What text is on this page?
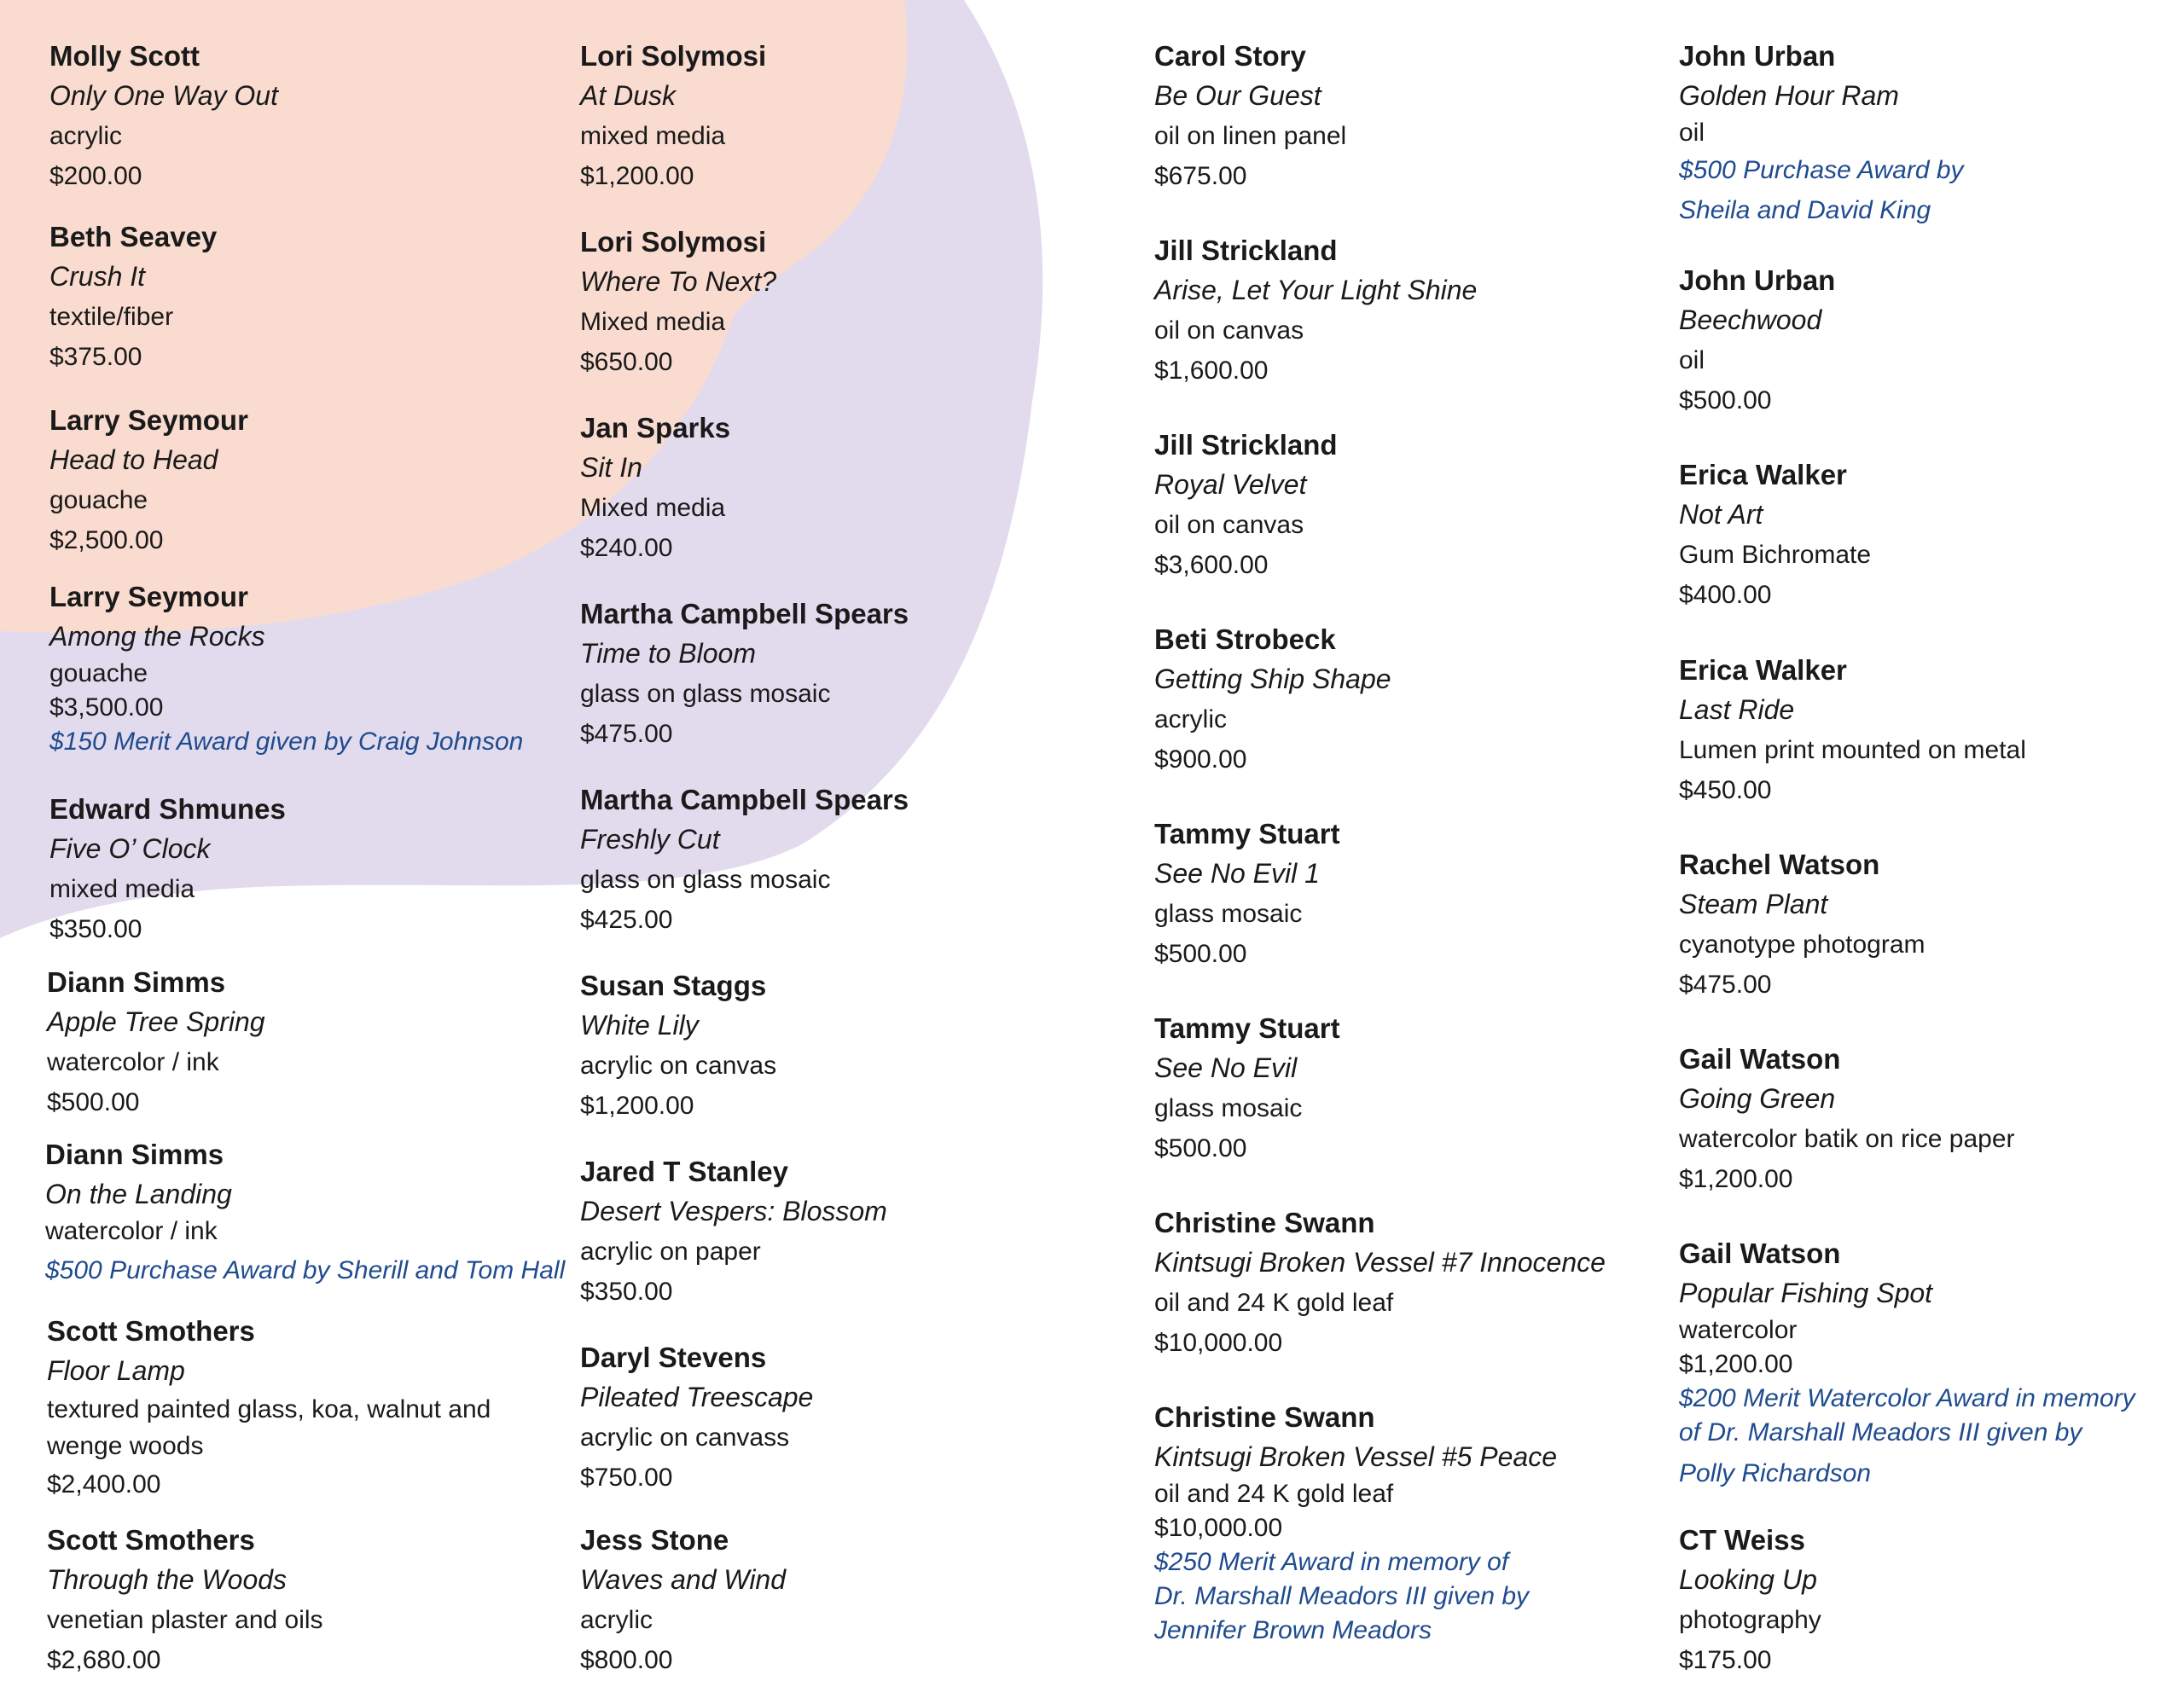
Molly Scott
Only One Way Out
acrylic
$200.00
Beth Seavey
Crush It
textile/fiber
$375.00
Larry Seymour
Head to Head
gouache
$2,500.00
Larry Seymour
Among the Rocks
gouache
$3,500.00
$150 Merit Award given by Craig Johnson
Edward Shmunes
Five O’ Clock
mixed media
$350.00
Diann Simms
Apple Tree Spring
watercolor / ink
$500.00
Diann Simms
On the Landing
watercolor / ink
$500 Purchase Award by Sherill and Tom Hall
Scott Smothers
Floor Lamp
textured painted glass, koa, walnut and
wenge woods
$2,400.00
Scott Smothers
Through the Woods
venetian plaster and oils
$2,680.00
Lori Solymosi
At Dusk
mixed media
$1,200.00
Lori Solymosi
Where To Next?
Mixed media
$650.00
Jan Sparks
Sit In
Mixed media
$240.00
Martha Campbell Spears
Time to Bloom
glass on glass mosaic
$475.00
Martha Campbell Spears
Freshly Cut
glass on glass mosaic
$425.00
Susan Staggs
White Lily
acrylic on canvas
$1,200.00
Jared T Stanley
Desert Vespers: Blossom
acrylic on paper
$350.00
Daryl Stevens
Pileated Treescape
acrylic on canvass
$750.00
Jess Stone
Waves and Wind
acrylic
$800.00
Carol Story
Be Our Guest
oil on linen panel
$675.00
Jill Strickland
Arise, Let Your Light Shine
oil on canvas
$1,600.00
Jill Strickland
Royal Velvet
oil on canvas
$3,600.00
Beti Strobeck
Getting Ship Shape
acrylic
$900.00
Tammy Stuart
See No Evil 1
glass mosaic
$500.00
Tammy Stuart
See No Evil
glass mosaic
$500.00
Christine Swann
Kintsugi Broken Vessel #7 Innocence
oil and 24 K gold leaf
$10,000.00
Christine Swann
Kintsugi Broken Vessel #5 Peace
oil and 24 K gold leaf
$10,000.00
$250 Merit Award in memory of
Dr. Marshall Meadors III given by
Jennifer Brown Meadors
John Urban
Golden Hour Ram
oil
$500 Purchase Award by
Sheila and David King
John Urban
Beechwood
oil
$500.00
Erica Walker
Not Art
Gum Bichromate
$400.00
Erica Walker
Last Ride
Lumen print mounted on metal
$450.00
Rachel Watson
Steam Plant
cyanotype photogram
$475.00
Gail Watson
Going Green
watercolor batik on rice paper
$1,200.00
Gail Watson
Popular Fishing Spot
watercolor
$1,200.00
$200 Merit Watercolor Award in memory
of Dr. Marshall Meadors III given by
Polly Richardson
CT Weiss
Looking Up
photography
$175.00
